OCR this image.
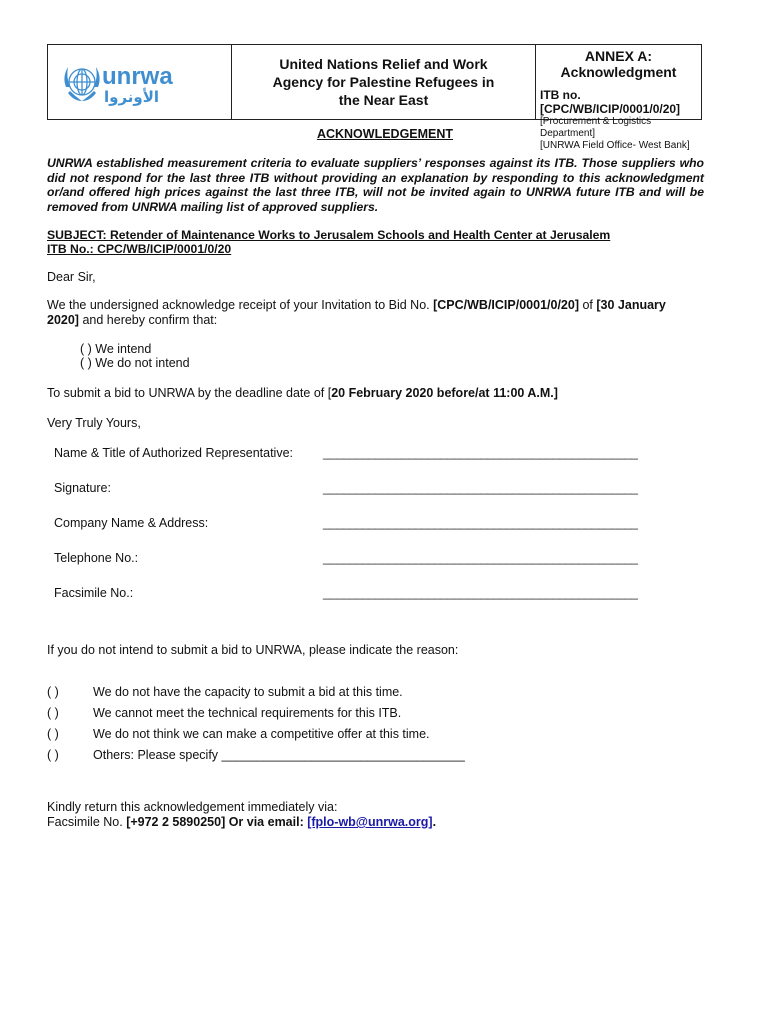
unrwa
الأونروا
United Nations Relief and Work
Agency for Palestine Refugees in
the Near East
ANNEX A: Acknowledgment
ITB no.[CPC/WB/ICIP/0001/0/20]
[Procurement & Logistics Department]
[UNRWA Field Office- West Bank]
ACKNOWLEDGEMENT
UNRWA established measurement criteria to evaluate suppliers’ responses against its ITB. Those suppliers who did not respond for the last three ITB without providing an explanation by responding to this acknowledgment or/and offered high prices against the last three ITB, will not be invited again to UNRWA future ITB and will be removed from UNRWA mailing list of approved suppliers.
SUBJECT: Retender of Maintenance Works to Jerusalem Schools and Health Center at Jerusalem
ITB No.: CPC/WB/ICIP/0001/0/20
Dear Sir,
We the undersigned acknowledge receipt of your Invitation to Bid No. [CPC/WB/ICIP/0001/0/20] of [30 January
2020] and hereby confirm that:
( ) We intend
( ) We do not intend
To submit a bid to UNRWA by the deadline date of [20 February 2020 before/at 11:00 A.M.]
Very Truly Yours,
Name & Title of Authorized Representative: ________________________________________________
Signature:	________________________________________________
Company Name & Address:	________________________________________________
Telephone No.:	________________________________________________
Facsimile No.:	________________________________________________
If you do not intend to submit a bid to UNRWA, please indicate the reason:
( )	We do not have the capacity to submit a bid at this time.
( )	We cannot meet the technical requirements for this ITB.
( )	We do not think we can make a competitive offer at this time.
( )	Others: Please specify ___________________________________
Kindly return this acknowledgement immediately via:
Facsimile No. [+972 2 5890250] Or via email: [fplo-wb@unrwa.org].
